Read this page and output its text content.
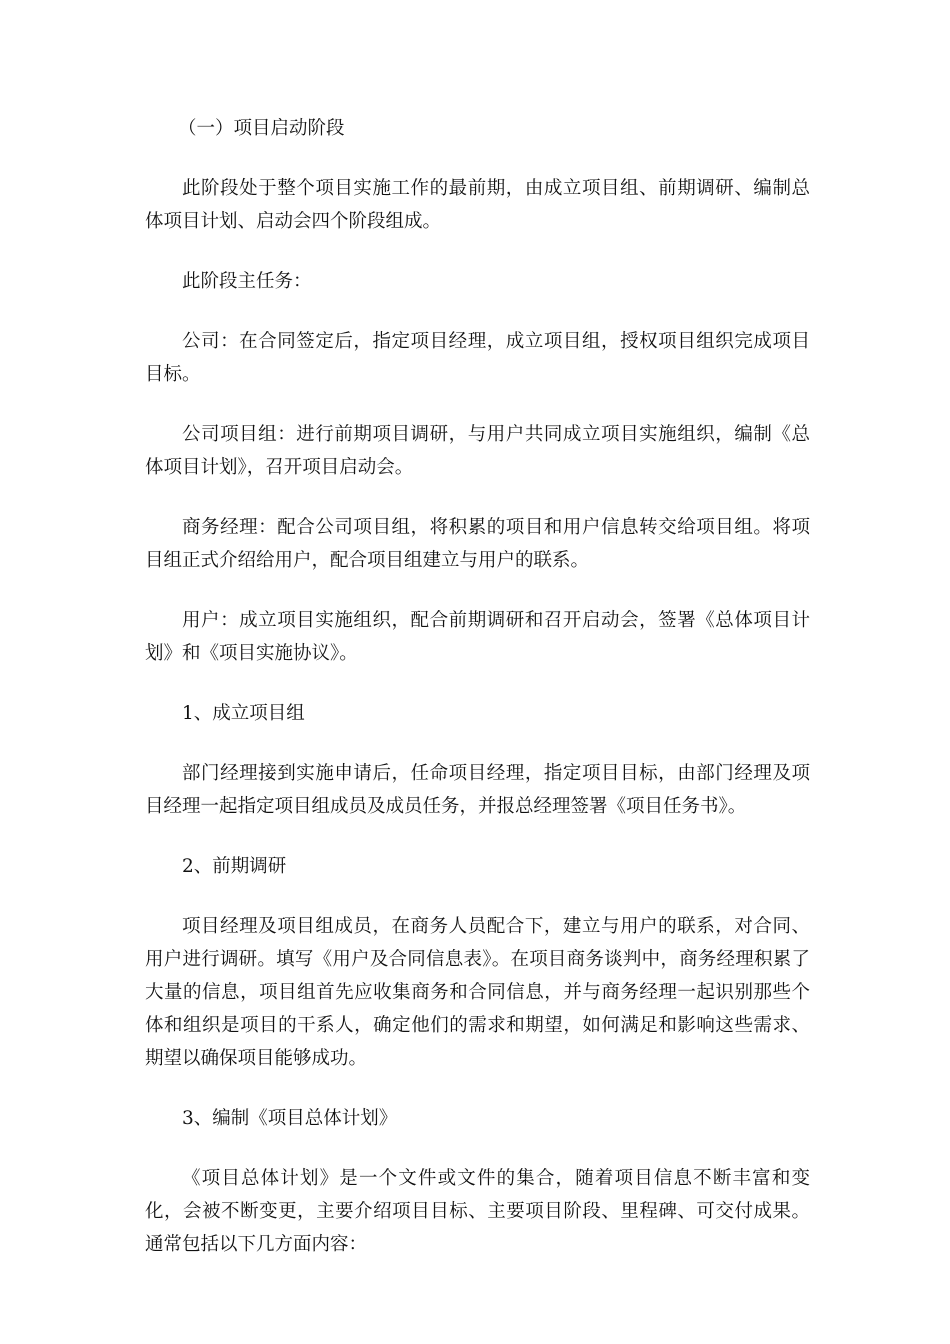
（一）项目启动阶段

此阶段处于整个项目实施工作的最前期，由成立项目组、前期调研、编制总体项目计划、启动会四个阶段组成。

此阶段主任务：

公司：在合同签定后，指定项目经理，成立项目组，授权项目组织完成项目目标。

公司项目组：进行前期项目调研，与用户共同成立项目实施组织，编制《总体项目计划》，召开项目启动会。

商务经理：配合公司项目组，将积累的项目和用户信息转交给项目组。将项目组正式介绍给用户，配合项目组建立与用户的联系。

用户：成立项目实施组织，配合前期调研和召开启动会，签署《总体项目计划》和《项目实施协议》。

1、成立项目组

部门经理接到实施申请后，任命项目经理，指定项目目标，由部门经理及项目经理一起指定项目组成员及成员任务，并报总经理签署《项目任务书》。

2、前期调研

项目经理及项目组成员，在商务人员配合下，建立与用户的联系，对合同、用户进行调研。填写《用户及合同信息表》。在项目商务谈判中，商务经理积累了大量的信息，项目组首先应收集商务和合同信息，并与商务经理一起识别那些个体和组织是项目的干系人，确定他们的需求和期望，如何满足和影响这些需求、期望以确保项目能够成功。

3、编制《项目总体计划》

《项目总体计划》是一个文件或文件的集合，随着项目信息不断丰富和变化，会被不断变更，主要介绍项目目标、主要项目阶段、里程碑、可交付成果。通常包括以下几方面内容：
